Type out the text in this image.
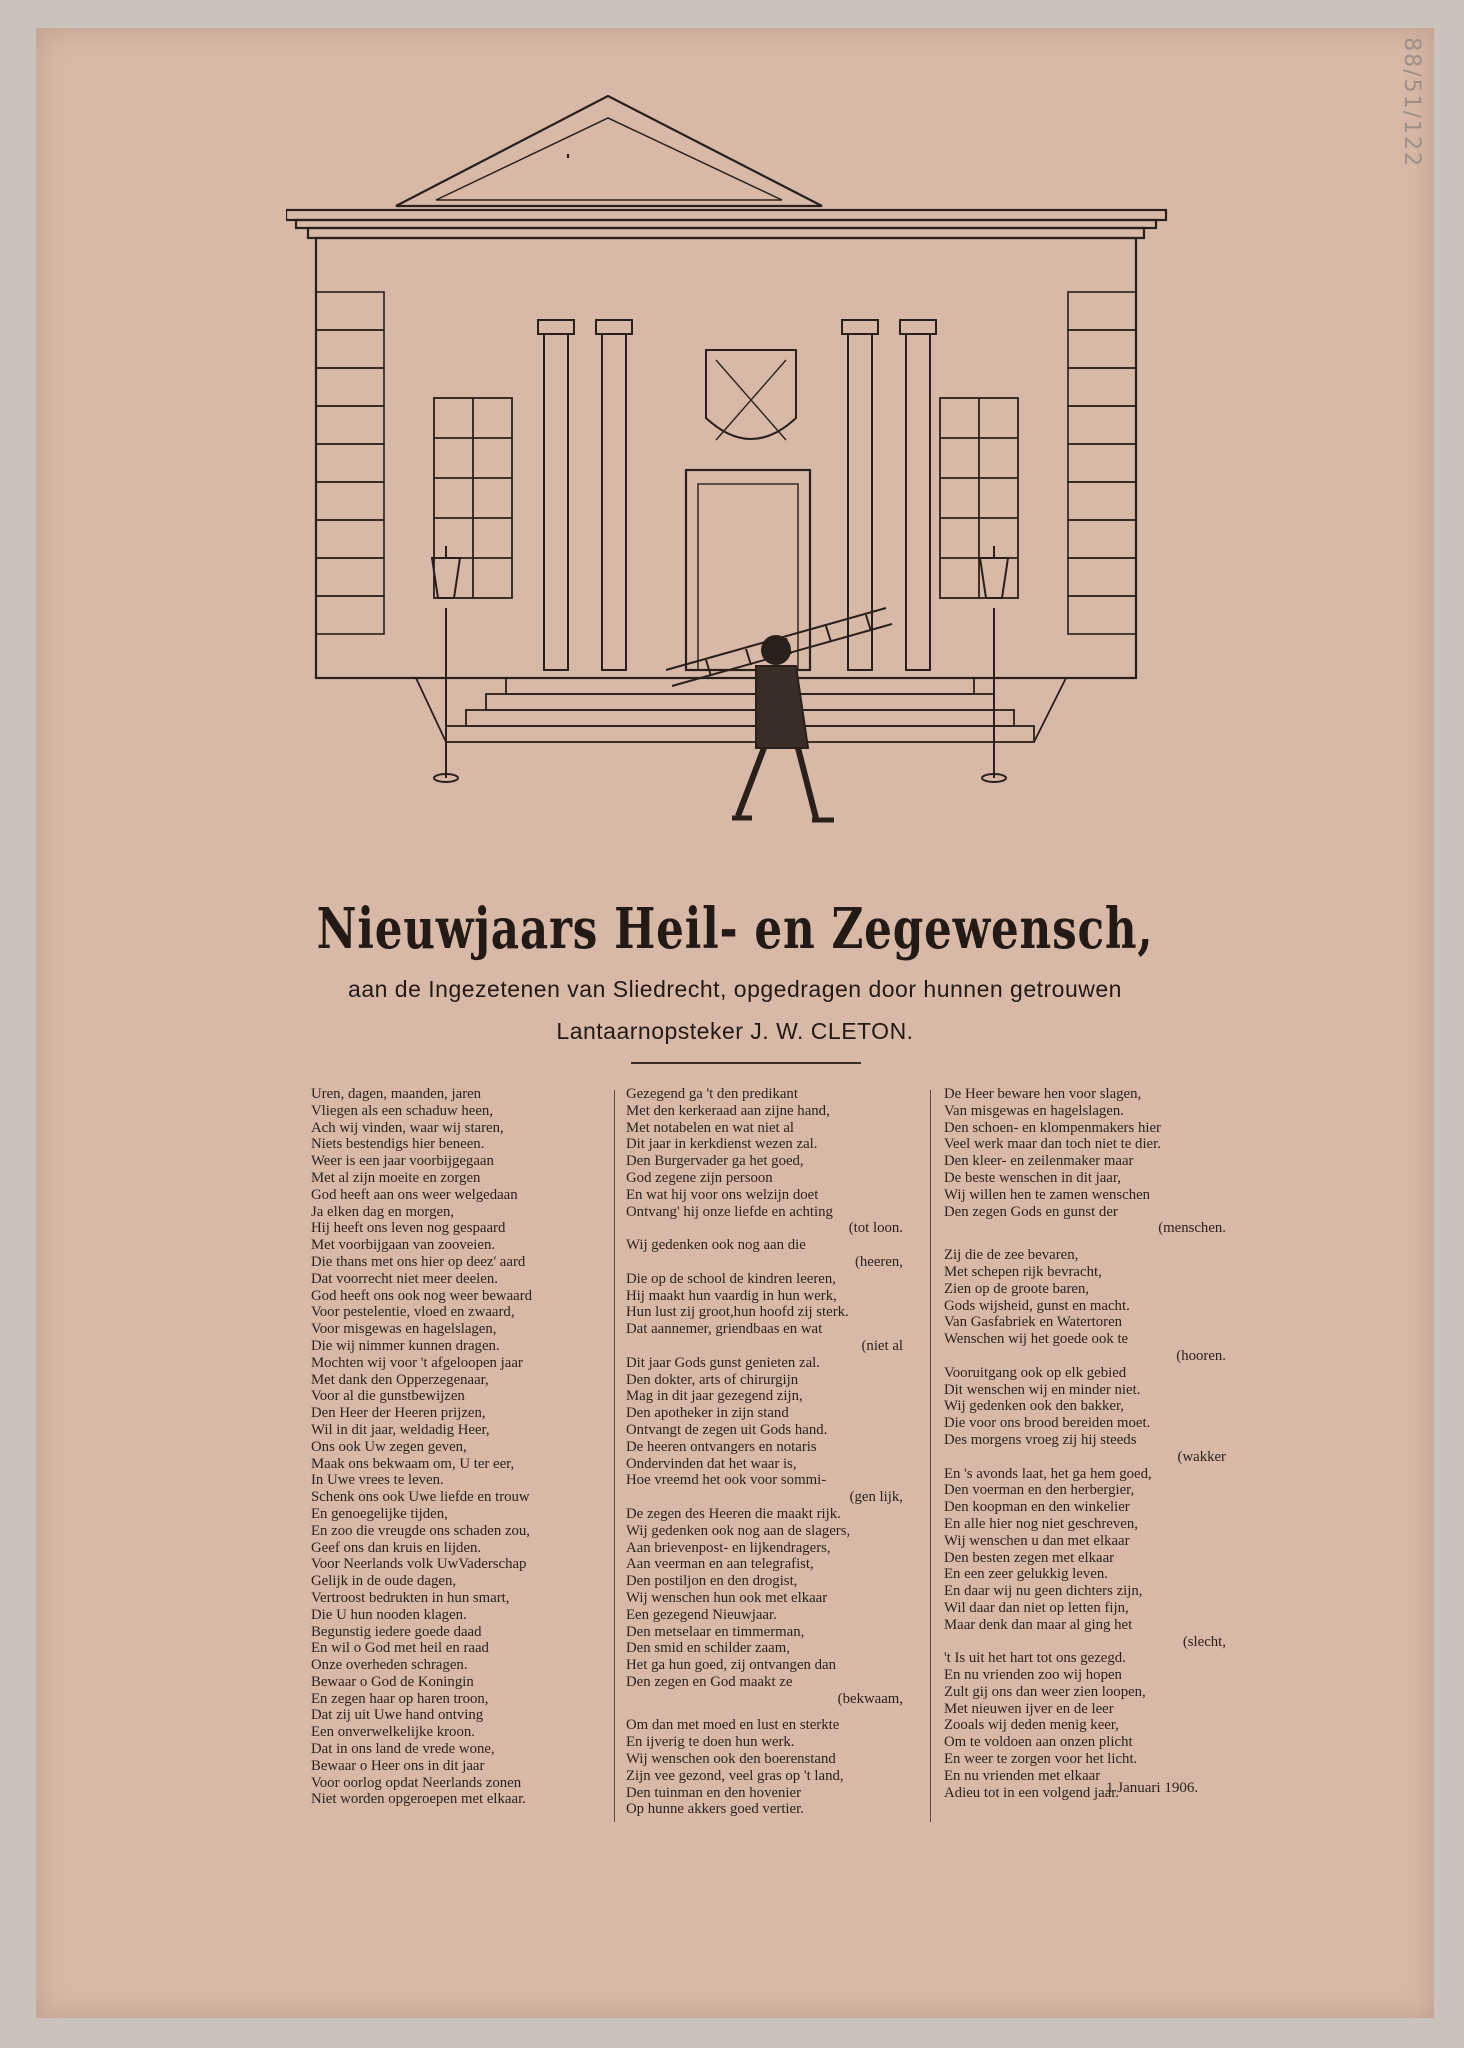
88/51/122
Nieuwjaars Heil- en Zegewensch,
aan de Ingezetenen van Sliedrecht, opgedragen door hunnen getrouwen
Lantaarnopsteker J. W. CLETON.
Uren, dagen, maanden, jaren
Vliegen als een schaduw heen,
Ach wij vinden, waar wij staren,
Niets bestendigs hier beneen.
Weer is een jaar voorbijgegaan
Met al zijn moeite en zorgen
God heeft aan ons weer welgedaan
Ja elken dag en morgen,
Hij heeft ons leven nog gespaard
Met voorbijgaan van zooveien.
Die thans met ons hier op deez' aard
Dat voorrecht niet meer deelen.
God heeft ons ook nog weer bewaard
Voor pestelentie, vloed en zwaard,
Voor misgewas en hagelslagen,
Die wij nimmer kunnen dragen.
Mochten wij voor 't afgeloopen jaar
Met dank den Opperzegenaar,
Voor al die gunstbewijzen
Den Heer der Heeren prijzen,
Wil in dit jaar, weldadig Heer,
Ons ook Uw zegen geven,
Maak ons bekwaam om, U ter eer,
In Uwe vrees te leven.
Schenk ons ook Uwe liefde en trouw
En genoegelijke tijden,
En zoo die vreugde ons schaden zou,
Geef ons dan kruis en lijden.
Voor Neerlands volk UwVaderschap
Gelijk in de oude dagen,
Vertroost bedrukten in hun smart,
Die U hun nooden klagen.
Begunstig iedere goede daad
En wil o God met heil en raad
Onze overheden schragen.
Bewaar o God de Koningin
En zegen haar op haren troon,
Dat zij uit Uwe hand ontving
Een onverwelkelijke kroon.
Dat in ons land de vrede wone,
Bewaar o Heer ons in dit jaar
Voor oorlog opdat Neerlands zonen
Niet worden opgeroepen met elkaar.
Gezegend ga 't den predikant
Met den kerkeraad aan zijne hand,
Met notabelen en wat niet al
Dit jaar in kerkdienst wezen zal.
Den Burgervader ga het goed,
God zegene zijn persoon
En wat hij voor ons welzijn doet
Ontvang' hij onze liefde en achting
(tot loon.
Wij gedenken ook nog aan die
(heeren,
Die op de school de kindren leeren,
Hij maakt hun vaardig in hun werk,
Hun lust zij groot,hun hoofd zij sterk.
Dat aannemer, griendbaas en wat
(niet al
Dit jaar Gods gunst genieten zal.
Den dokter, arts of chirurgijn
Mag in dit jaar gezegend zijn,
Den apotheker in zijn stand
Ontvangt de zegen uit Gods hand.
De heeren ontvangers en notaris
Ondervinden dat het waar is,
Hoe vreemd het ook voor sommi-
(gen lijk,
De zegen des Heeren die maakt rijk.
Wij gedenken ook nog aan de slagers,
Aan brievenpost- en lijkendragers,
Aan veerman en aan telegrafist,
Den postiljon en den drogist,
Wij wenschen hun ook met elkaar
Een gezegend Nieuwjaar.
Den metselaar en timmerman,
Den smid en schilder zaam,
Het ga hun goed, zij ontvangen dan
Den zegen en God maakt ze
(bekwaam,
Om dan met moed en lust en sterkte
En ijverig te doen hun werk.
Wij wenschen ook den boerenstand
Zijn vee gezond, veel gras op 't land,
Den tuinman en den hovenier
Op hunne akkers goed vertier.
De Heer beware hen voor slagen,
Van misgewas en hagelslagen.
Den schoen- en klompenmakers hier
Veel werk maar dan toch niet te dier.
Den kleer- en zeilenmaker maar
De beste wenschen in dit jaar,
Wij willen hen te zamen wenschen
Den zegen Gods en gunst der
(menschen.
Zij die de zee bevaren,
Met schepen rijk bevracht,
Zien op de groote baren,
Gods wijsheid, gunst en macht.
Van Gasfabriek en Watertoren
Wenschen wij het goede ook te
(hooren.
Vooruitgang ook op elk gebied
Dit wenschen wij en minder niet.
Wij gedenken ook den bakker,
Die voor ons brood bereiden moet.
Des morgens vroeg zij hij steeds
(wakker
En 's avonds laat, het ga hem goed,
Den voerman en den herbergier,
Den koopman en den winkelier
En alle hier nog niet geschreven,
Wij wenschen u dan met elkaar
Den besten zegen met elkaar
En een zeer gelukkig leven.
En daar wij nu geen dichters zijn,
Wil daar dan niet op letten fijn,
Maar denk dan maar al ging het
(slecht,
't Is uit het hart tot ons gezegd.
En nu vrienden zoo wij hopen
Zult gij ons dan weer zien loopen,
Met nieuwen ijver en de leer
Zooals wij deden menig keer,
Om te voldoen aan onzen plicht
En weer te zorgen voor het licht.
En nu vrienden met elkaar
Adieu tot in een volgend jaar.
1 Januari 1906.
